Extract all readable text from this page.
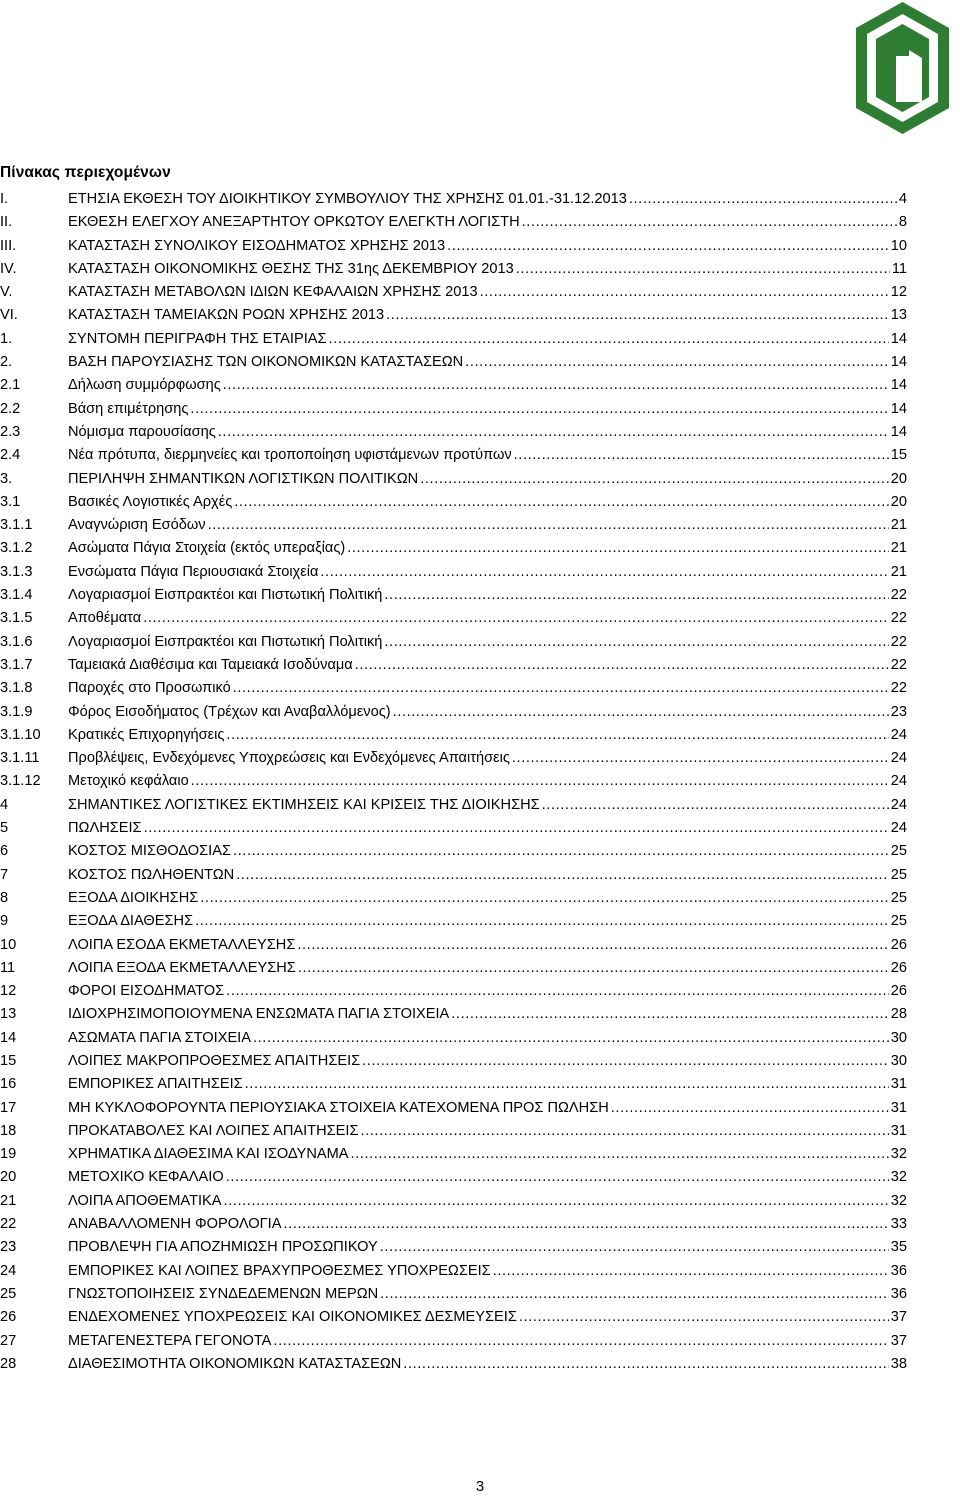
Πίνακας περιεχομένων
I.	ΕΤΗΣΙΑ ΕΚΘΕΣΗ ΤΟΥ ΔΙΟΙΚΗΤΙΚΟΥ ΣΥΜΒΟΥΛΙΟΥ ΤΗΣ ΧΡΗΣΗΣ 01.01.-31.12.2013 .....	4
II.	ΕΚΘΕΣΗ ΕΛΕΓΧΟΥ ΑΝΕΞΑΡΤΗΤΟΥ ΟΡΚΩΤΟΥ ΕΛΕΓΚΤΗ ΛΟΓΙΣΤΗ .....	8
III.	ΚΑΤΑΣΤΑΣΗ ΣΥΝΟΛΙΚΟΥ ΕΙΣΟΔΗΜΑΤΟΣ ΧΡΗΣΗΣ 2013 .....	10
IV.	ΚΑΤΑΣΤΑΣΗ ΟΙΚΟΝΟΜΙΚΗΣ ΘΕΣΗΣ ΤΗΣ 31ης ΔΕΚΕΜΒΡΙΟΥ 2013 .....	11
V.	ΚΑΤΑΣΤΑΣΗ ΜΕΤΑΒΟΛΩΝ ΙΔΙΩΝ ΚΕΦΑΛΑΙΩΝ ΧΡΗΣΗΣ 2013 .....	12
VI.	ΚΑΤΑΣΤΑΣΗ ΤΑΜΕΙΑΚΩΝ ΡΟΩΝ ΧΡΗΣΗΣ 2013 .....	13
1.	ΣΥΝΤΟΜΗ ΠΕΡΙΓΡΑΦΗ ΤΗΣ ΕΤΑΙΡΙΑΣ .....	14
2.	ΒΑΣΗ ΠΑΡΟΥΣΙΑΣΗΣ ΤΩΝ ΟΙΚΟΝΟΜΙΚΩΝ ΚΑΤΑΣΤΑΣΕΩΝ .....	14
2.1	Δήλωση συμμόρφωσης .....	14
2.2	Βάση επιμέτρησης .....	14
2.3	Νόμισμα παρουσίασης .....	14
2.4	Νέα πρότυπα, διερμηνείες και τροποποίηση υφιστάμενων προτύπων .....	15
3.	ΠΕΡΙΛΗΨΗ ΣΗΜΑΝΤΙΚΩΝ ΛΟΓΙΣΤΙΚΩΝ ΠΟΛΙΤΙΚΩΝ .....	20
3.1	Βασικές Λογιστικές Αρχές .....	20
3.1.1 Αναγνώριση Εσόδων .....	21
3.1.2 Ασώματα Πάγια Στοιχεία (εκτός υπεραξίας) .....	21
3.1.3 Ενσώματα Πάγια Περιουσιακά Στοιχεία .....	21
3.1.4 Λογαριασμοί Εισπρακτέοι και Πιστωτική Πολιτική .....	22
3.1.5 Αποθέματα .....	22
3.1.6 Λογαριασμοί Εισπρακτέοι και Πιστωτική Πολιτική .....	22
3.1.7 Ταμειακά Διαθέσιμα και Ταμειακά Ισοδύναμα .....	22
3.1.8 Παροχές στο Προσωπικό .....	22
3.1.9 Φόρος Εισοδήματος (Τρέχων και Αναβαλλόμενος) .....	23
3.1.10 Κρατικές Επιχορηγήσεις .....	24
3.1.11 Προβλέψεις, Ενδεχόμενες Υποχρεώσεις και Ενδεχόμενες Απαιτήσεις .....	24
3.1.12 Μετοχικό κεφάλαιο .....	24
4	ΣΗΜΑΝΤΙΚΕΣ ΛΟΓΙΣΤΙΚΕΣ ΕΚΤΙΜΗΣΕΙΣ ΚΑΙ ΚΡΙΣΕΙΣ ΤΗΣ ΔΙΟΙΚΗΣΗΣ .....	24
5	ΠΩΛΗΣΕΙΣ .....	24
6	ΚΟΣΤΟΣ ΜΙΣΘΟΔΟΣΙΑΣ .....	25
7	ΚΟΣΤΟΣ ΠΩΛΗΘΕΝΤΩΝ .....	25
8	ΕΞΟΔΑ ΔΙΟΙΚΗΣΗΣ .....	25
9	ΕΞΟΔΑ ΔΙΑΘΕΣΗΣ .....	25
10	ΛΟΙΠΑ ΕΣΟΔΑ ΕΚΜΕΤΑΛΛΕΥΣΗΣ .....	26
11	ΛΟΙΠΑ ΕΞΟΔΑ ΕΚΜΕΤΑΛΛΕΥΣΗΣ .....	26
12	ΦΟΡΟΙ ΕΙΣΟΔΗΜΑΤΟΣ .....	26
13	ΙΔΙΟΧΡΗΣΙΜΟΠΟΙΟΥΜΕΝΑ ΕΝΣΩΜΑΤΑ ΠΑΓΙΑ ΣΤΟΙΧΕΙΑ .....	28
14	ΑΣΩΜΑΤΑ ΠΑΓΙΑ ΣΤΟΙΧΕΙΑ .....	30
15	ΛΟΙΠΕΣ ΜΑΚΡΟΠΡΟΘΕΣΜΕΣ ΑΠΑΙΤΗΣΕΙΣ .....	30
16	ΕΜΠΟΡΙΚΕΣ ΑΠΑΙΤΗΣΕΙΣ .....	31
17	ΜΗ ΚΥΚΛΟΦΟΡΟΥΝΤΑ ΠΕΡΙΟΥΣΙΑΚΑ ΣΤΟΙΧΕΙΑ ΚΑΤΕΧΟΜΕΝΑ ΠΡΟΣ ΠΩΛΗΣΗ .....	31
18	ΠΡΟΚΑΤΑΒΟΛΕΣ ΚΑΙ ΛΟΙΠΕΣ ΑΠΑΙΤΗΣΕΙΣ .....	31
19	ΧΡΗΜΑΤΙΚΑ ΔΙΑΘΕΣΙΜΑ ΚΑΙ ΙΣΟΔΥΝΑΜΑ .....	32
20	ΜΕΤΟΧΙΚΟ ΚΕΦΑΛΑΙΟ .....	32
21	ΛΟΙΠΑ ΑΠΟΘΕΜΑΤΙΚΑ .....	32
22	ΑΝΑΒΑΛΛΟΜΕΝΗ ΦΟΡΟΛΟΓΙΑ .....	33
23	ΠΡΟΒΛΕΨΗ ΓΙΑ ΑΠΟΖΗΜΙΩΣΗ ΠΡΟΣΩΠΙΚΟΥ .....	35
24	ΕΜΠΟΡΙΚΕΣ ΚΑΙ ΛΟΙΠΕΣ ΒΡΑΧΥΠΡΟΘΕΣΜΕΣ ΥΠΟΧΡΕΩΣΕΙΣ .....	36
25	ΓΝΩΣΤΟΠΟΙΗΣΕΙΣ ΣΥΝΔΕΔΕΜΕΝΩΝ ΜΕΡΩΝ .....	36
26	ΕΝΔΕΧΟΜΕΝΕΣ ΥΠΟΧΡΕΩΣΕΙΣ ΚΑΙ ΟΙΚΟΝΟΜΙΚΕΣ ΔΕΣΜΕΥΣΕΙΣ .....	37
27	ΜΕΤΑΓΕΝΕΣΤΕΡΑ ΓΕΓΟΝΟΤΑ .....	37
28	ΔΙΑΘΕΣΙΜΟΤΗΤΑ ΟΙΚΟΝΟΜΙΚΩΝ ΚΑΤΑΣΤΑΣΕΩΝ .....	38
3
